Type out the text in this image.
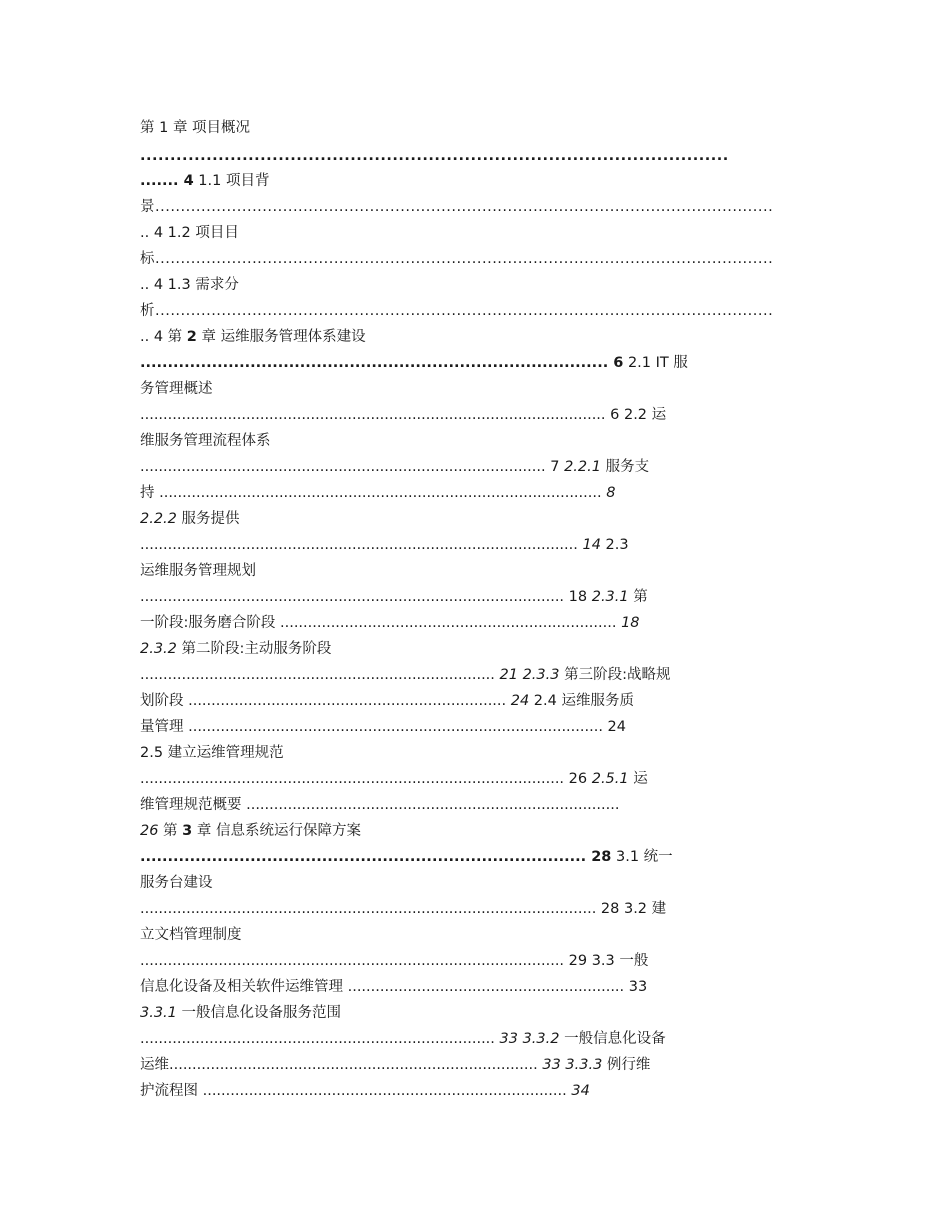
第 1 章 项目概况
..................................................................................................
....... 4 1.1 项目背
景.........................................................................................................................
.. 4 1.2 项目目
标.........................................................................................................................
.. 4 1.3 需求分
析.........................................................................................................................
.. 4 第 2 章 运维服务管理体系建设
..................................................................................... 6 2.1 IT 服
务管理概述
..................................................................................................... 6 2.2 运
维服务管理流程体系
........................................................................................ 7 2.2.1 服务支
持 ................................................................................................ 8
2.2.2 服务提供
............................................................................................... 14 2.3
运维服务管理规划
............................................................................................ 18 2.3.1 第
一阶段:服务磨合阶段 ......................................................................... 18
2.3.2 第二阶段:主动服务阶段
............................................................................. 21 2.3.3 第三阶段:战略规
划阶段 ..................................................................... 24 2.4 运维服务质
量管理 .......................................................................................... 24
2.5 建立运维管理规范
............................................................................................ 26 2.5.1 运
维管理规范概要 .................................................................................
26 第 3 章 信息系统运行保障方案
................................................................................. 28 3.1 统一
服务台建设
................................................................................................... 28 3.2 建
立文档管理制度
............................................................................................ 29 3.3 一般
信息化设备及相关软件运维管理 ............................................................ 33
3.3.1 一般信息化设备服务范围
............................................................................. 33 3.3.2 一般信息化设备
运维................................................................................ 33 3.3.3 例行维
护流程图 ............................................................................... 34
